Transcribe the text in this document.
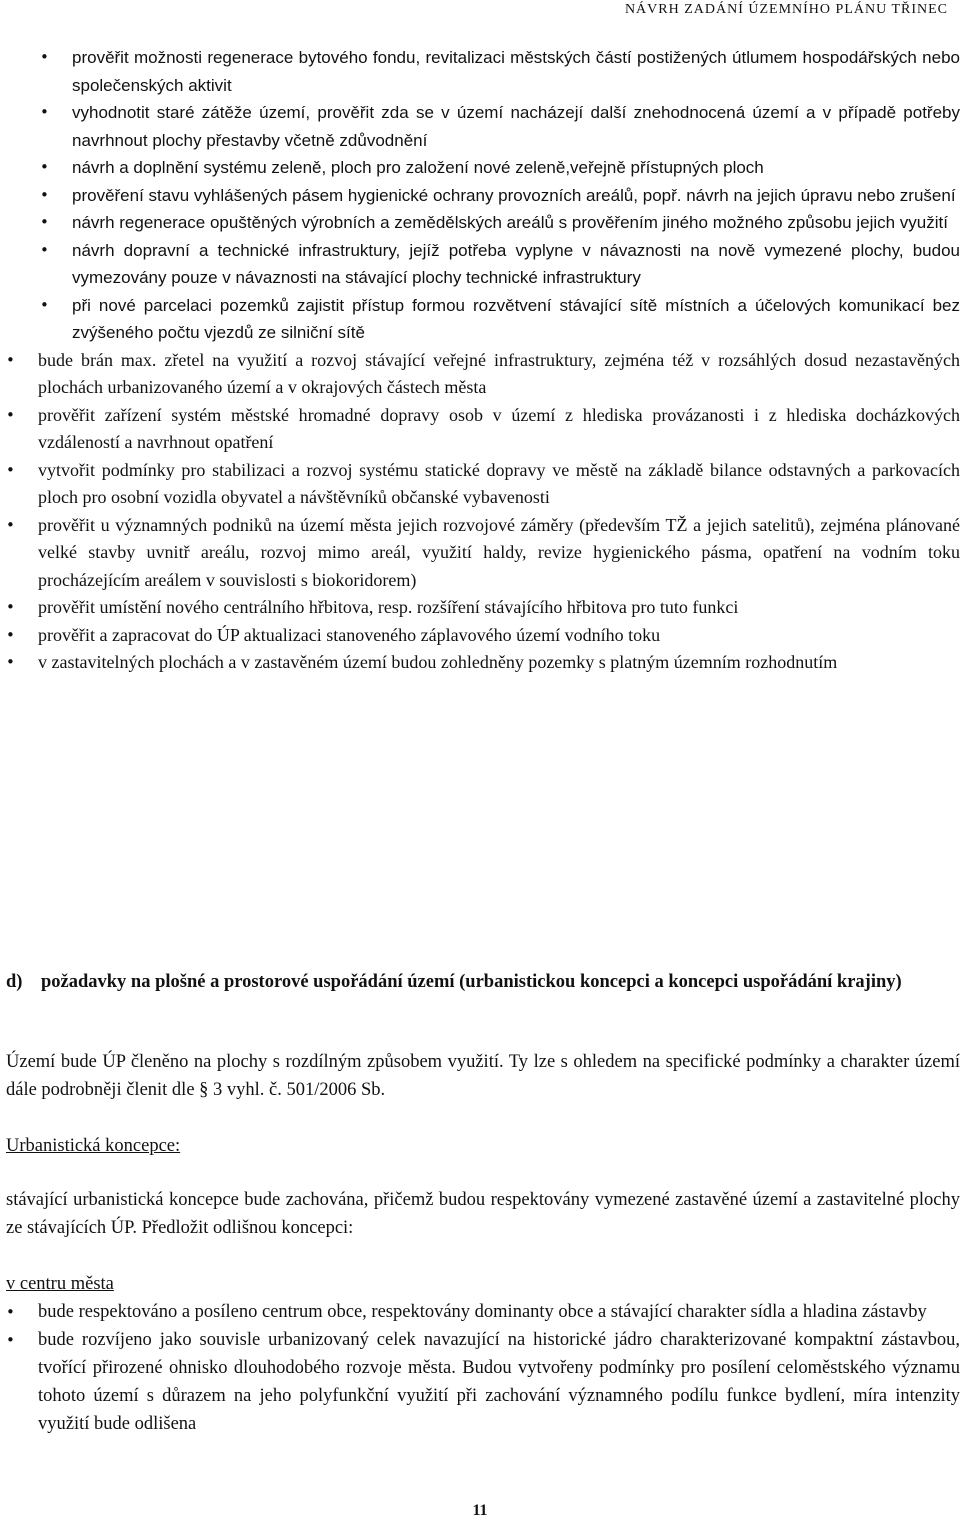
NÁVRH ZADÁNÍ ÚZEMNÍHO PLÁNU TŘINEC
• prověřit možnosti regenerace bytového fondu, revitalizaci městských částí postižených útlumem hospodářských nebo společenských aktivit
• vyhodnotit staré zátěže území, prověřit zda se v území nacházejí další znehodnocená území a v případě potřeby navrhnout plochy přestavby včetně zdůvodnění
• návrh a doplnění systému zeleně, ploch pro založení nové zeleně,veřejně přístupných ploch
• prověření stavu vyhlášených pásem hygienické ochrany provozních areálů, popř. návrh na jejich úpravu nebo zrušení
• návrh regenerace opuštěných výrobních a zemědělských areálů s prověřením jiného možného způsobu jejich využití
• návrh dopravní a technické infrastruktury, jejíž potřeba vyplyne v návaznosti na nově vymezené plochy, budou vymezovány pouze v návaznosti na stávající plochy technické infrastruktury
• při nové parcelaci pozemků zajistit přístup formou rozvětvení stávající sítě místních a účelových komunikací bez zvýšeného počtu vjezdů ze silniční sítě
• bude brán max. zřetel na využití a rozvoj stávající veřejné infrastruktury, zejména též v rozsáhlých dosud nezastavěných plochách urbanizovaného území a v okrajových částech města
• prověřit zařízení systém městské hromadné dopravy osob v území z hlediska provázanosti i z hlediska docházkových vzdáleností a navrhnout opatření
• vytvořit podmínky pro stabilizaci a rozvoj systému statické dopravy ve městě na základě bilance odstavných a parkovacích ploch pro osobní vozidla obyvatel a návštěvníků občanské vybavenosti
• prověřit u významných podniků na území města jejich rozvojové záměry (především TŽ a jejich satelitů), zejména plánované velké stavby uvnitř areálu, rozvoj mimo areál, využití haldy, revize hygienického pásma, opatření na vodním toku procházejícím areálem v souvislosti s biokoridorem)
• prověřit umístění nového centrálního hřbitova, resp. rozšíření stávajícího hřbitova pro tuto funkci
• prověřit a zapracovat do ÚP aktualizaci stanoveného záplavového území vodního toku
• v zastavitelných plochách a v zastavěném území budou zohledněny pozemky s platným územním rozhodnutím
d) požadavky na plošné a prostorové uspořádání území (urbanistickou koncepci a koncepci uspořádání krajiny)
Území bude ÚP členěno na plochy s rozdílným způsobem využití. Ty lze s ohledem na specifické podmínky a charakter území dále podrobněji členit dle § 3 vyhl. č. 501/2006 Sb.
Urbanistická koncepce:
stávající urbanistická koncepce bude zachována, přičemž budou respektovány vymezené zastavěné území a zastavitelné plochy ze stávajících ÚP. Předložit odlišnou koncepci:
v centru města
• bude respektováno a posíleno centrum obce, respektovány dominanty obce a stávající charakter sídla a hladina zástavby
• bude rozvíjeno jako souvisle urbanizovaný celek navazující na historické jádro charakterizované kompaktní zástavbou, tvořící přirozené ohnisko dlouhodobého rozvoje města. Budou vytvořeny podmínky pro posílení celoměstského významu tohoto území s důrazem na jeho polyfunkční využití při zachování významného podílu funkce bydlení, míra intenzity využití bude odlišena
11
